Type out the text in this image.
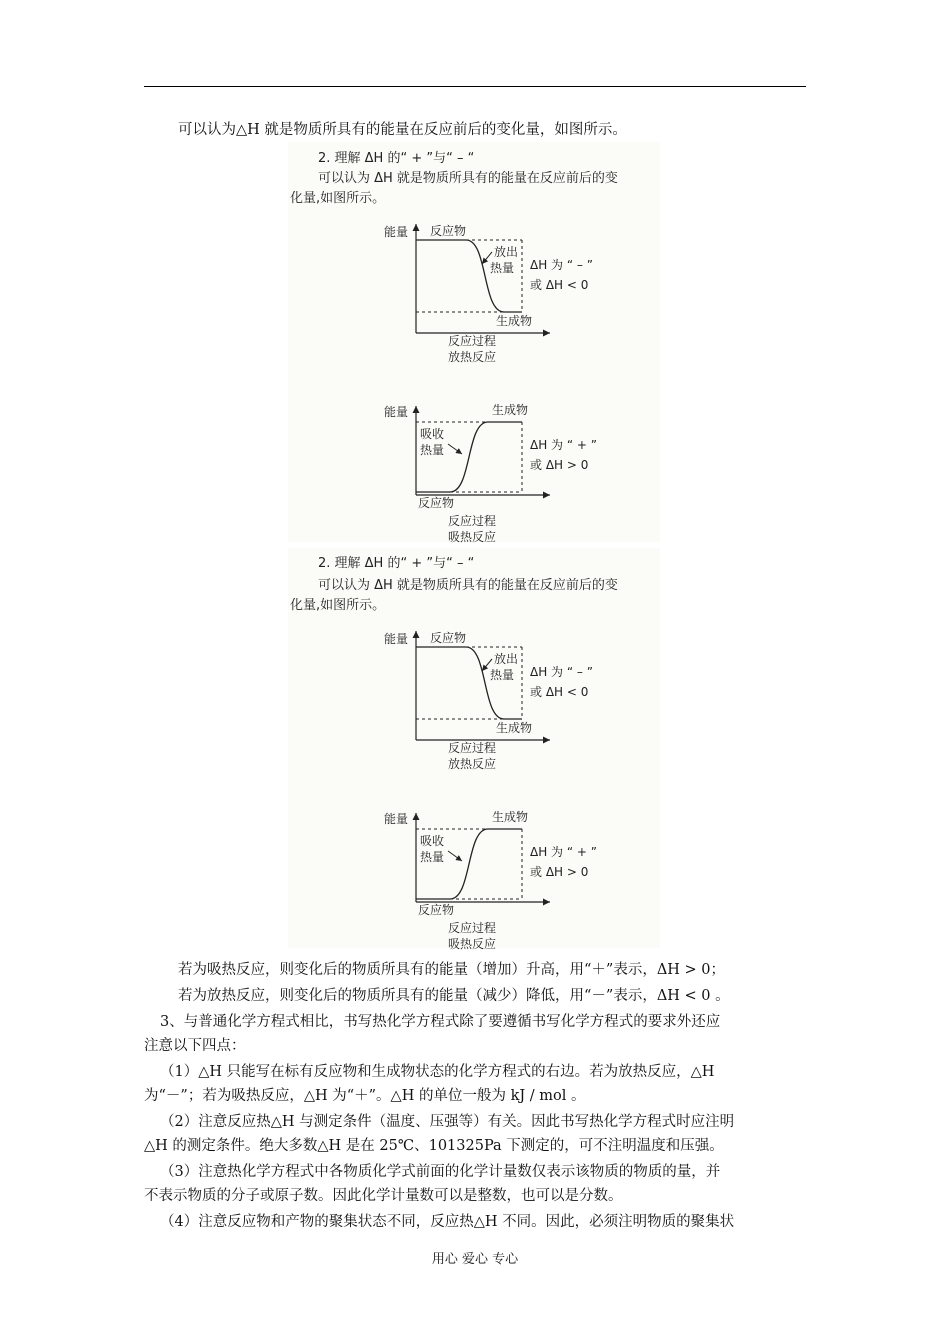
可以认为△H 就是物质所具有的能量在反应前后的变化量，如图所示。
2. 理解 ΔH 的“ + ”与“ – “
可以认为 ΔH 就是物质所具有的能量在反应前后的变
化量,如图所示。
能量 反应物
生成物
放出
热量 ΔH 为 “ – ”
或 ΔH < 0
反应过程
放热反应
能量	生成物
反应物
吸收
热量	ΔH 为 “ + ”
或 ΔH > 0
反应过程
吸热反应
2. 理解 ΔH 的“ + ”与“ – “
可以认为 ΔH 就是物质所具有的能量在反应前后的变
化量,如图所示。
能量 反应物
生成物
放出
热量 ΔH 为 “ – ”
或 ΔH < 0
反应过程
放热反应
能量	生成物
反应物
吸收
热量	ΔH 为 “ + ”
或 ΔH > 0
反应过程
吸热反应
若为吸热反应，则变化后的物质所具有的能量（增加）升高，用“＋”表示，ΔH > 0；
若为放热反应，则变化后的物质所具有的能量（减少）降低，用“－”表示，ΔH < 0 。
3、与普通化学方程式相比，书写热化学方程式除了要遵循书写化学方程式的要求外还应
注意以下四点：
（1）△H 只能写在标有反应物和生成物状态的化学方程式的右边。若为放热反应，△H
为“－”；若为吸热反应，△H 为“＋”。△H 的单位一般为 kJ / mol 。
（2）注意反应热△H 与测定条件（温度、压强等）有关。因此书写热化学方程式时应注明
△H 的测定条件。绝大多数△H 是在 25℃、101325Pa 下测定的，可不注明温度和压强。
（3）注意热化学方程式中各物质化学式前面的化学计量数仅表示该物质的物质的量，并
不表示物质的分子或原子数。因此化学计量数可以是整数，也可以是分数。
（4）注意反应物和产物的聚集状态不同，反应热△H 不同。因此，必须注明物质的聚集状
用心 爱心 专心
